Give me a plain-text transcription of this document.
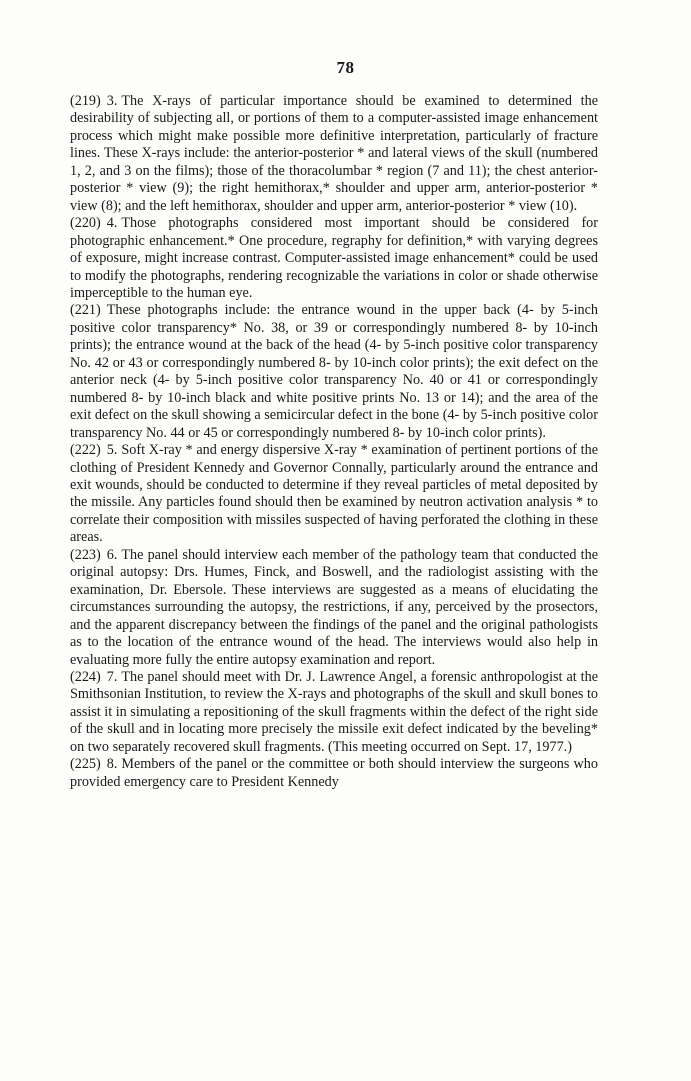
78

(219) 3. The X-rays of particular importance should be examined to determined the desirability of subjecting all, or portions of them to a computer-assisted image enhancement process which might make possible more definitive interpretation, particularly of fracture lines. These X-rays include: the anterior-posterior * and lateral views of the skull (numbered 1, 2, and 3 on the films); those of the thoracolumbar * region (7 and 11); the chest anterior-posterior * view (9); the right hemithorax,* shoulder and upper arm, anterior-posterior * view (8); and the left hemithorax, shoulder and upper arm, anterior-posterior * view (10).

(220) 4. Those photographs considered most important should be considered for photographic enhancement.* One procedure, regraphy for definition,* with varying degrees of exposure, might increase contrast. Computer-assisted image enhancement* could be used to modify the photographs, rendering recognizable the variations in color or shade otherwise imperceptible to the human eye.

(221) These photographs include: the entrance wound in the upper back (4- by 5-inch positive color transparency* No. 38, or 39 or correspondingly numbered 8- by 10-inch prints); the entrance wound at the back of the head (4- by 5-inch positive color transparency No. 42 or 43 or correspondingly numbered 8- by 10-inch color prints); the exit defect on the anterior neck (4- by 5-inch positive color transparency No. 40 or 41 or correspondingly numbered 8- by 10-inch black and white positive prints No. 13 or 14); and the area of the exit defect on the skull showing a semicircular defect in the bone (4- by 5-inch positive color transparency No. 44 or 45 or correspondingly numbered 8- by 10-inch color prints).

(222) 5. Soft X-ray * and energy dispersive X-ray * examination of pertinent portions of the clothing of President Kennedy and Governor Connally, particularly around the entrance and exit wounds, should be conducted to determine if they reveal particles of metal deposited by the missile. Any particles found should then be examined by neutron activation analysis * to correlate their composition with missiles suspected of having perforated the clothing in these areas.

(223) 6. The panel should interview each member of the pathology team that conducted the original autopsy: Drs. Humes, Finck, and Boswell, and the radiologist assisting with the examination, Dr. Ebersole. These interviews are suggested as a means of elucidating the circumstances surrounding the autopsy, the restrictions, if any, perceived by the prosectors, and the apparent discrepancy between the findings of the panel and the original pathologists as to the location of the entrance wound of the head. The interviews would also help in evaluating more fully the entire autopsy examination and report.

(224) 7. The panel should meet with Dr. J. Lawrence Angel, a forensic anthropologist at the Smithsonian Institution, to review the X-rays and photographs of the skull and skull bones to assist it in simulating a repositioning of the skull fragments within the defect of the right side of the skull and in locating more precisely the missile exit defect indicated by the beveling* on two separately recovered skull fragments. (This meeting occurred on Sept. 17, 1977.)

(225) 8. Members of the panel or the committee or both should interview the surgeons who provided emergency care to President Kennedy
